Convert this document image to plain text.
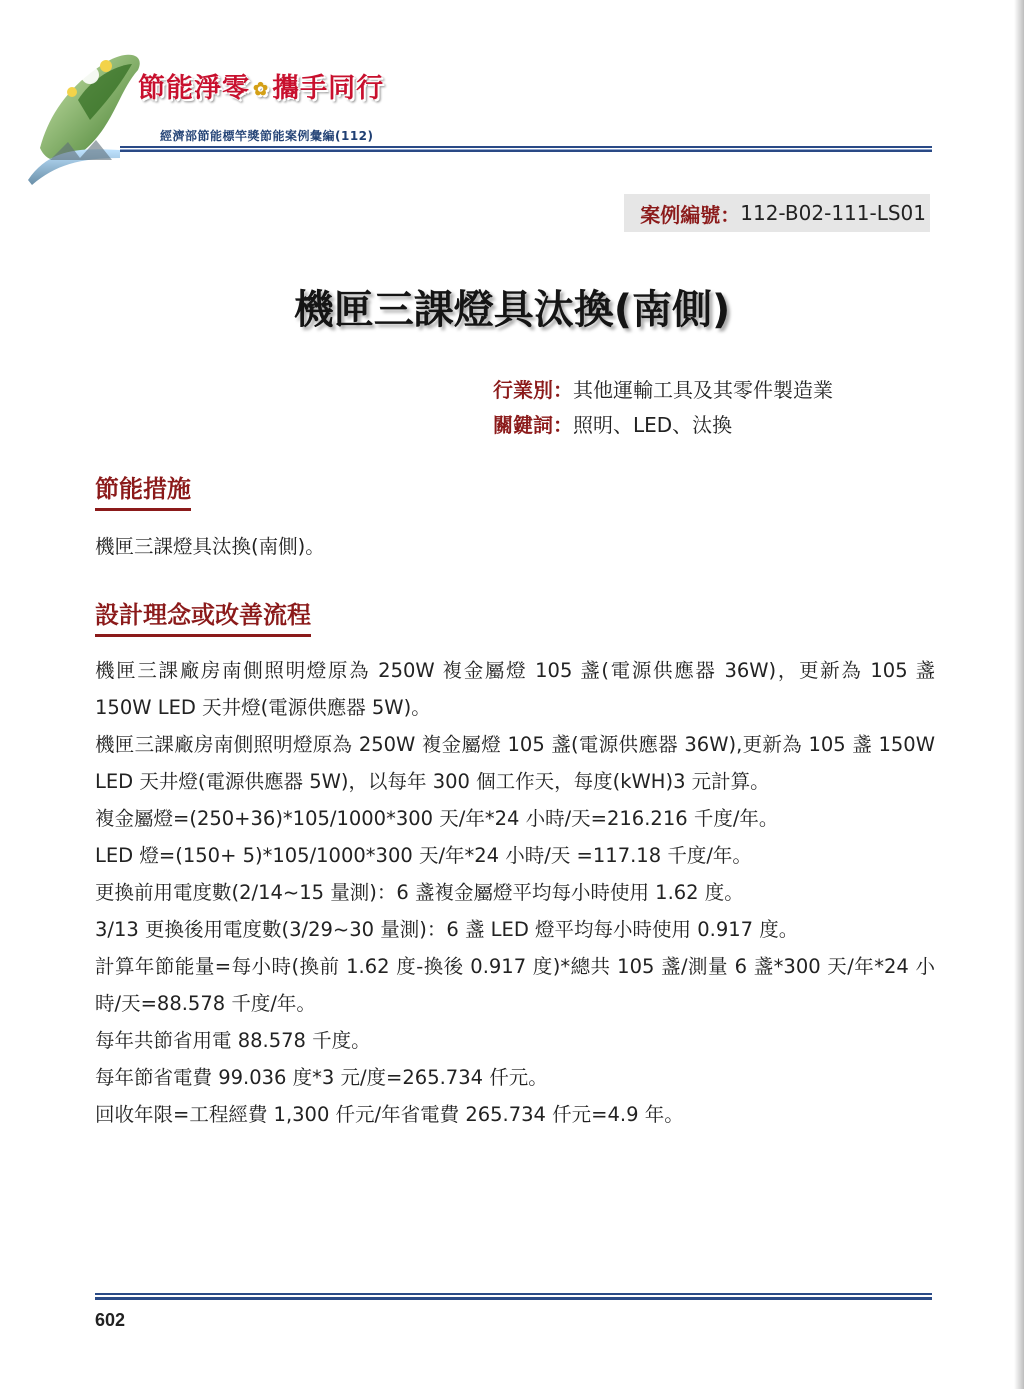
節能淨零 ✿ 攜手同行
經濟部節能標竿獎節能案例彙編(112)
案例編號： 112-B02-111-LS01
機匣三課燈具汰換(南側)
行業別：其他運輸工具及其零件製造業
關鍵詞：照明、LED、汰換
節能措施

機匣三課燈具汰換(南側)。

設計理念或改善流程

機匣三課廠房南側照明燈原為 250W 複金屬燈 105 盞(電源供應器 36W)，更新為 105 盞 150W LED 天井燈(電源供應器 5W)。

機匣三課廠房南側照明燈原為 250W 複金屬燈 105 盞(電源供應器 36W),更新為 105 盞 150W LED 天井燈(電源供應器 5W)，以每年 300 個工作天，每度(kWH)3 元計算。

複金屬燈=(250+36)*105/1000*300 天/年*24 小時/天=216.216 千度/年。

LED 燈=(150+ 5)*105/1000*300 天/年*24 小時/天 =117.18 千度/年。

更換前用電度數(2/14~15 量測)：6 盞複金屬燈平均每小時使用 1.62 度。

3/13 更換後用電度數(3/29~30 量測)：6 盞 LED 燈平均每小時使用 0.917 度。

計算年節能量=每小時(換前 1.62 度-換後 0.917 度)*總共 105 盞/測量 6 盞*300 天/年*24 小時/天=88.578 千度/年。

每年共節省用電 88.578 千度。

每年節省電費 99.036 度*3 元/度=265.734 仟元。

回收年限=工程經費 1,300 仟元/年省電費 265.734 仟元=4.9 年。

602
